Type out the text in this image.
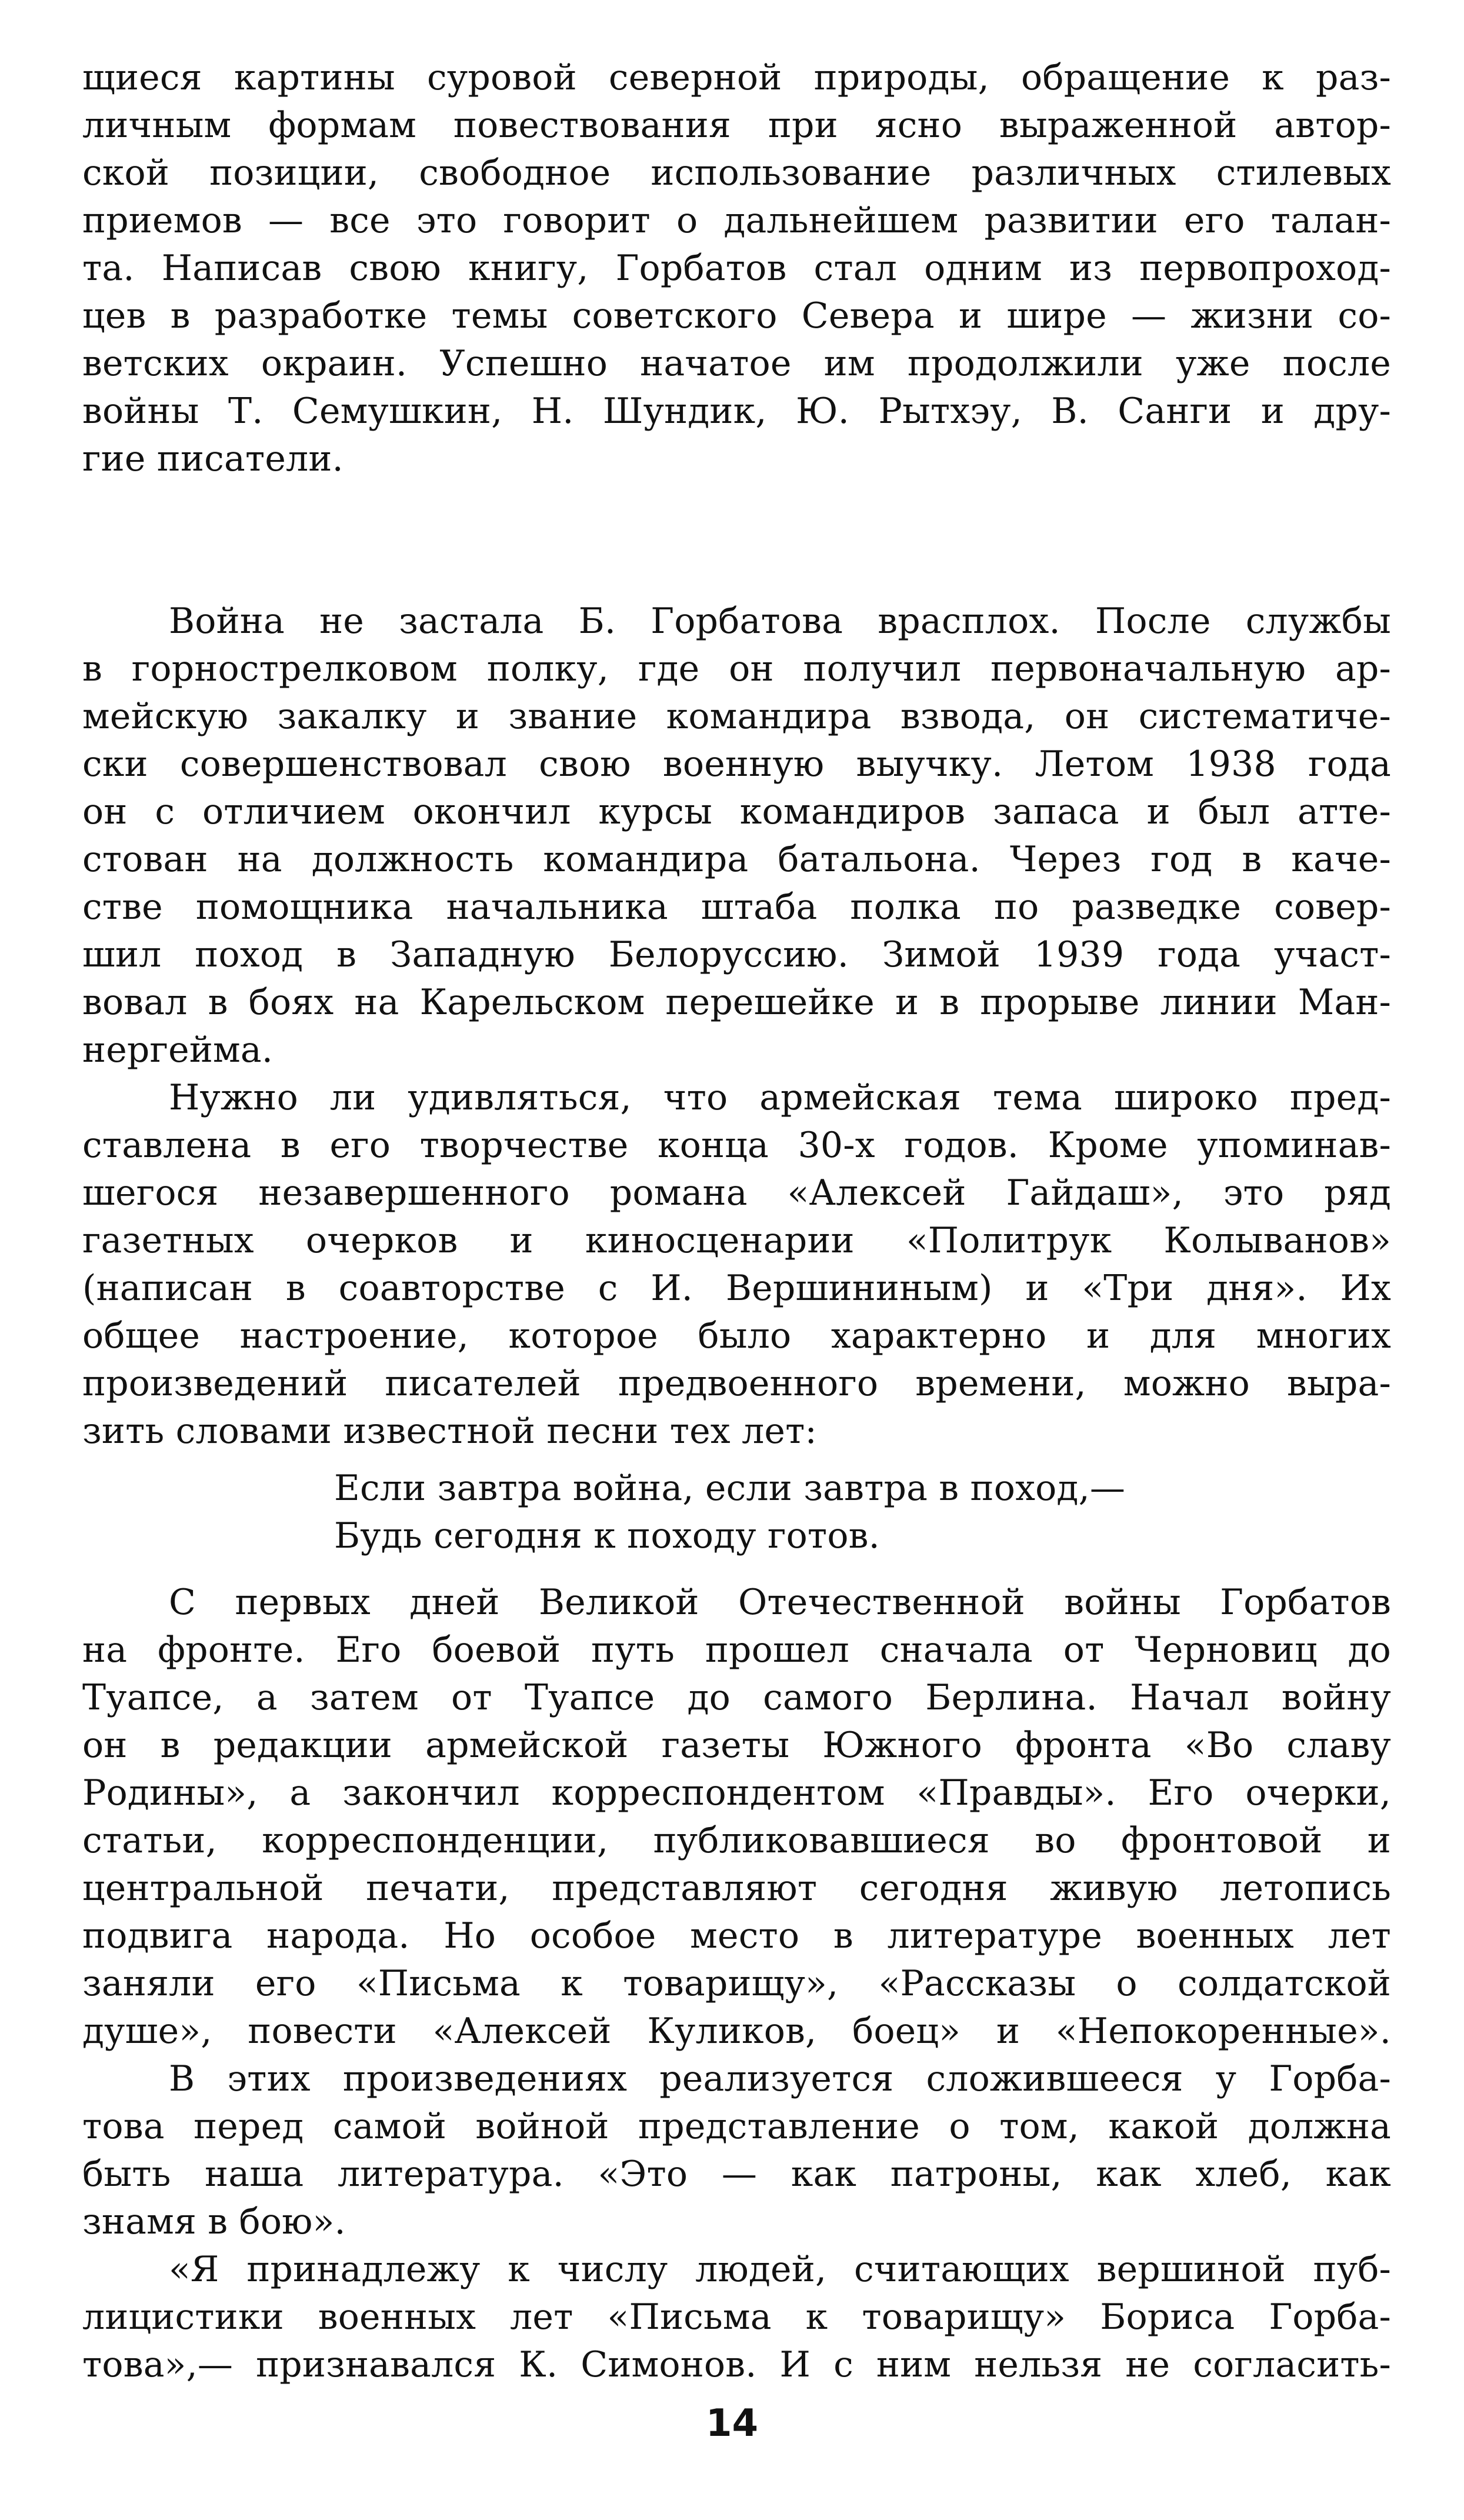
щиеся картины суровой северной природы, обращение к раз-
личным формам повествования при ясно выраженной автор-
ской позиции, свободное использование различных стилевых
приемов — все это говорит о дальнейшем развитии его талан-
та. Написав свою книгу, Горбатов стал одним из первопроход-
цев в разработке темы советского Севера и шире — жизни со-
ветских окраин. Успешно начатое им продолжили уже после
войны Т. Семушкин, Н. Шундик, Ю. Рытхэу, В. Санги и дру-
гие писатели.
Война не застала Б. Горбатова врасплох. После службы
в горнострелковом полку, где он получил первоначальную ар-
мейскую закалку и звание командира взвода, он систематиче-
ски совершенствовал свою военную выучку. Летом 1938 года
он с отличием окончил курсы командиров запаса и был атте-
стован на должность командира батальона. Через год в каче-
стве помощника начальника штаба полка по разведке совер-
шил поход в Западную Белоруссию. Зимой 1939 года участ-
вовал в боях на Карельском перешейке и в прорыве линии Ман-
нергейма.
Нужно ли удивляться, что армейская тема широко пред-
ставлена в его творчестве конца 30-х годов. Кроме упоминав-
шегося незавершенного романа «Алексей Гайдаш», это ряд
газетных очерков и киносценарии «Политрук Колыванов»
(написан в соавторстве с И. Вершининым) и «Три дня». Их
общее настроение, которое было характерно и для многих
произведений писателей предвоенного времени, можно выра-
зить словами известной песни тех лет:
Если завтра война, если завтра в поход,—
Будь сегодня к походу готов.
С первых дней Великой Отечественной войны Горбатов
на фронте. Его боевой путь прошел сначала от Черновиц до
Туапсе, а затем от Туапсе до самого Берлина. Начал войну
он в редакции армейской газеты Южного фронта «Во славу
Родины», а закончил корреспондентом «Правды». Его очерки,
статьи, корреспонденции, публиковавшиеся во фронтовой и
центральной печати, представляют сегодня живую летопись
подвига народа. Но особое место в литературе военных лет
заняли его «Письма к товарищу», «Рассказы о солдатской
душе», повести «Алексей Куликов, боец» и «Непокоренные».
В этих произведениях реализуется сложившееся у Горба-
това перед самой войной представление о том, какой должна
быть наша литература. «Это — как патроны, как хлеб, как
знамя в бою».
«Я принадлежу к числу людей, считающих вершиной пуб-
лицистики военных лет «Письма к товарищу» Бориса Горба-
това»,— признавался К. Симонов. И с ним нельзя не согласить-
14
